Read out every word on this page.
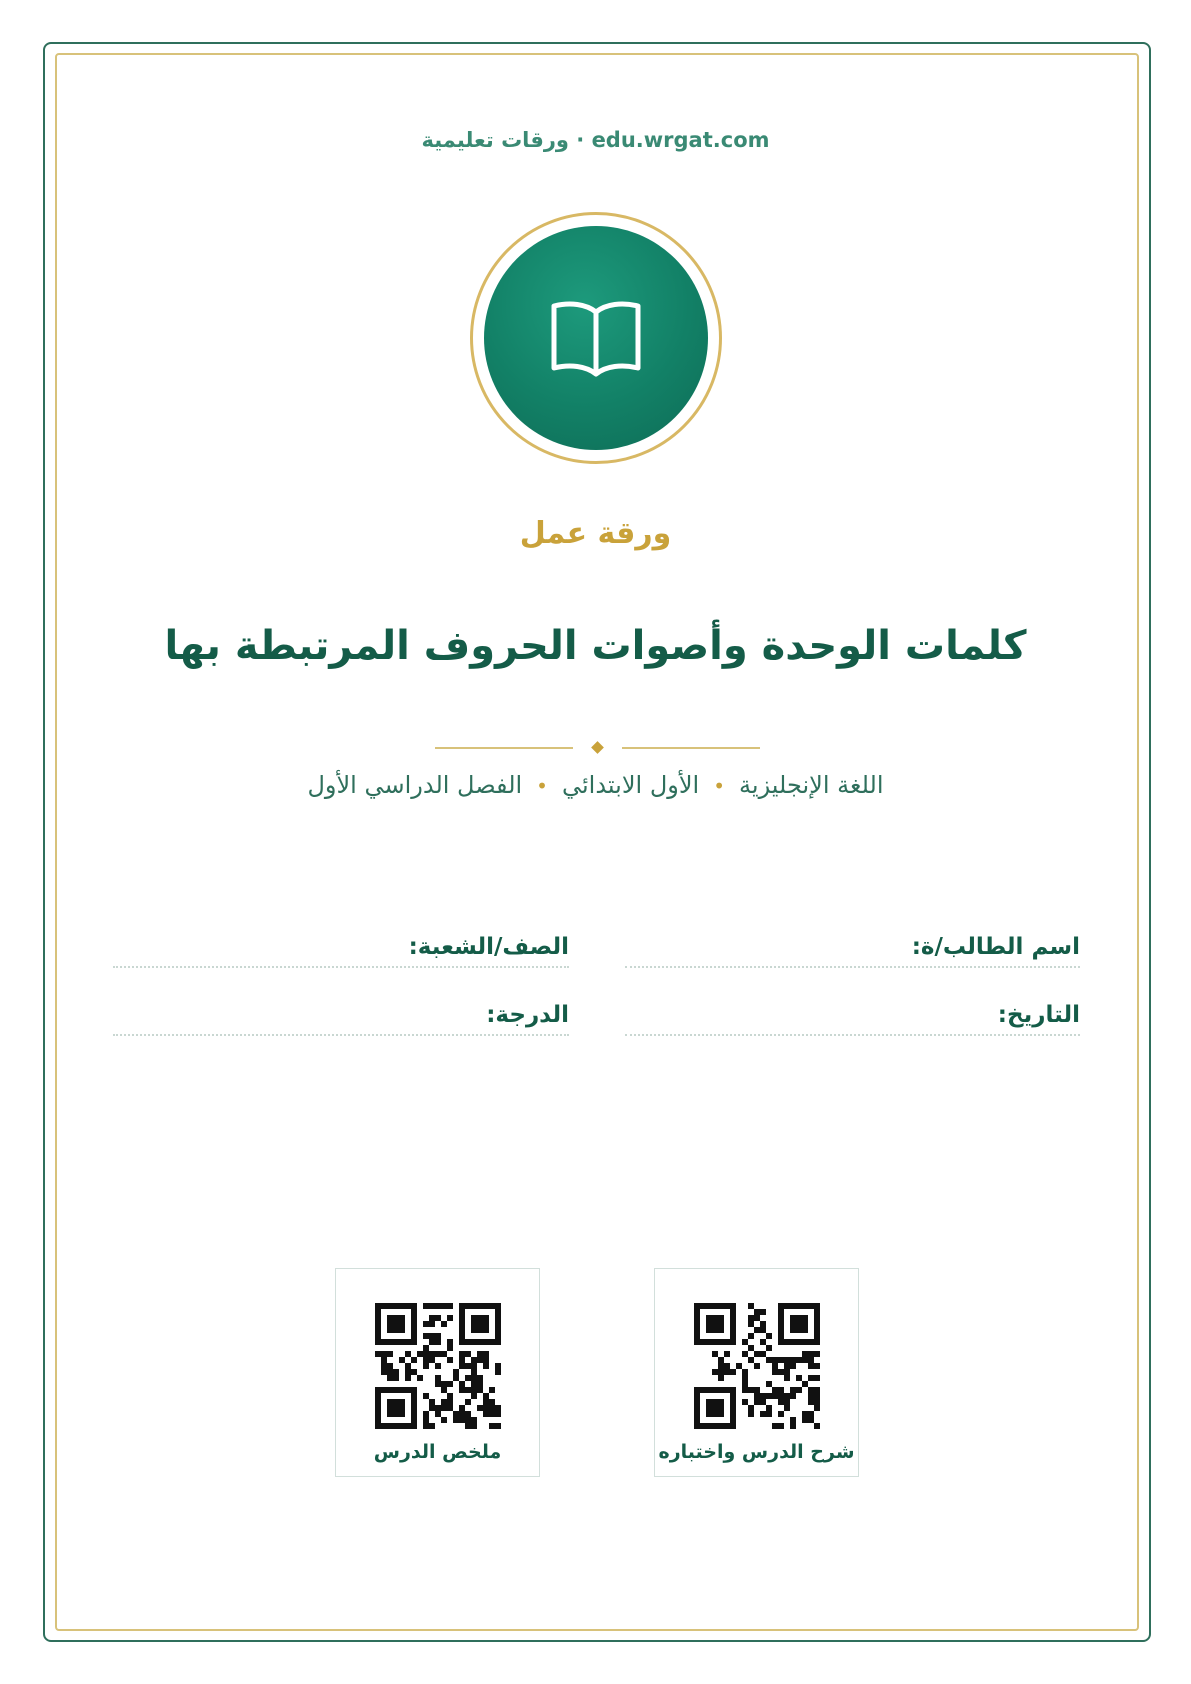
edu.wrgat.com · ورقات تعليمية
ورقة عمل
كلمات الوحدة وأصوات الحروف المرتبطة بها
اللغة الإنجليزية•الأول الابتدائي•الفصل الدراسي الأول
اسم الطالب/ة:
الصف/الشعبة:
التاريخ:
الدرجة:
شرح الدرس واختباره
ملخص الدرس
